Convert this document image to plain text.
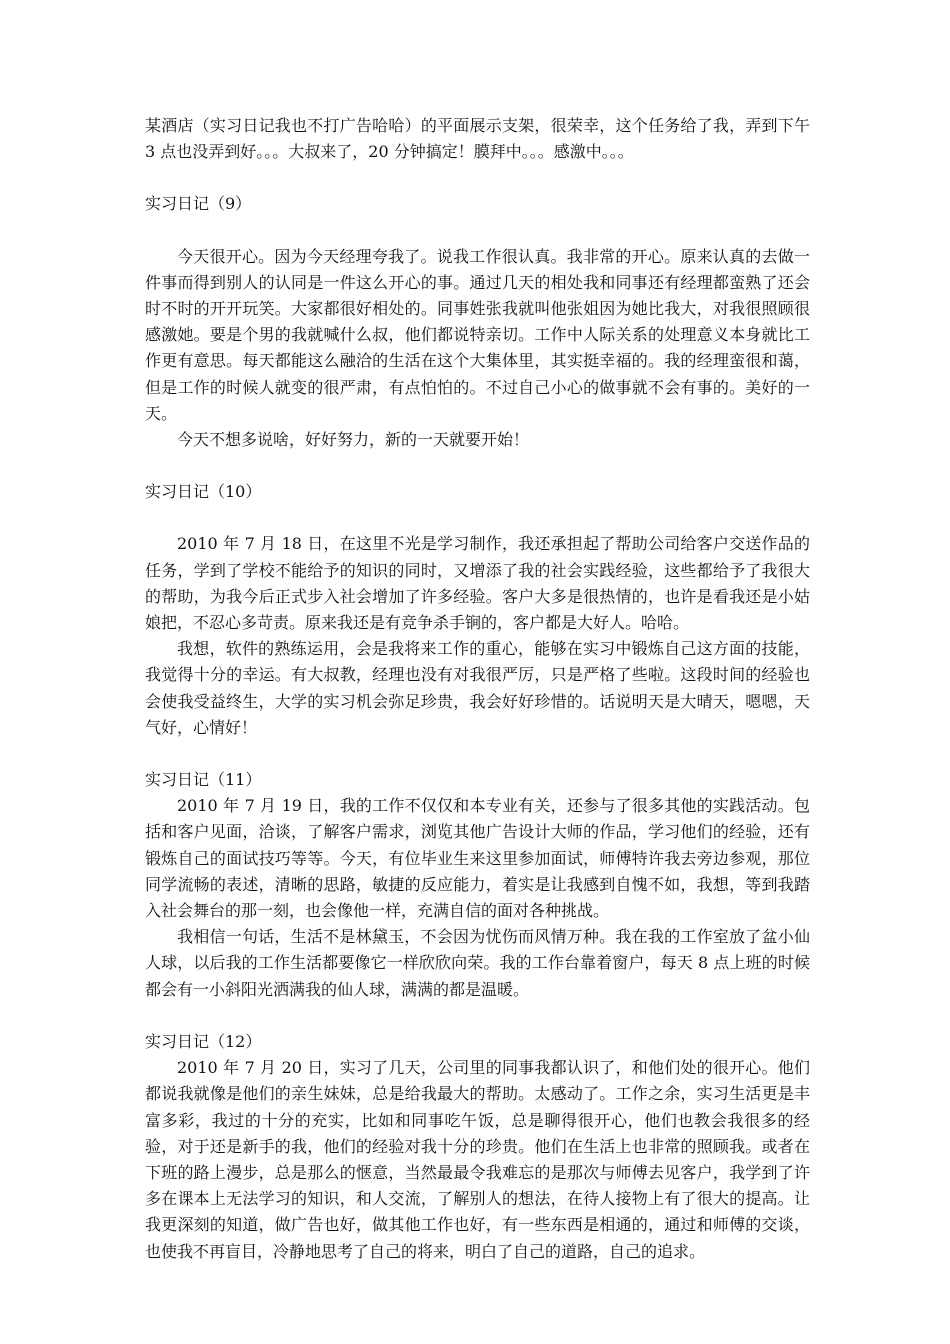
某酒店（实习日记我也不打广告哈哈）的平面展示支架，很荣幸，这个任务给了我，弄到下午 3 点也没弄到好。。。大叔来了，20 分钟搞定！膜拜中。。。感激中。。。

实习日记（9）

今天很开心。因为今天经理夸我了。说我工作很认真。我非常的开心。原来认真的去做一件事而得到别人的认同是一件这么开心的事。通过几天的相处我和同事还有经理都蛮熟了还会时不时的开开玩笑。大家都很好相处的。同事姓张我就叫他张姐因为她比我大，对我很照顾很感激她。要是个男的我就喊什么叔，他们都说特亲切。工作中人际关系的处理意义本身就比工作更有意思。每天都能这么融洽的生活在这个大集体里，其实挺幸福的。我的经理蛮很和蔼，但是工作的时候人就变的很严肃，有点怕怕的。不过自己小心的做事就不会有事的。美好的一天。

今天不想多说啥，好好努力，新的一天就要开始！

实习日记（10）

2010 年 7 月 18 日，在这里不光是学习制作，我还承担起了帮助公司给客户交送作品的任务，学到了学校不能给予的知识的同时，又增添了我的社会实践经验，这些都给予了我很大的帮助，为我今后正式步入社会增加了许多经验。客户大多是很热情的，也许是看我还是小姑娘把，不忍心多苛责。原来我还是有竞争杀手锏的，客户都是大好人。哈哈。

我想，软件的熟练运用，会是我将来工作的重心，能够在实习中锻炼自己这方面的技能，我觉得十分的幸运。有大叔教，经理也没有对我很严厉，只是严格了些啦。这段时间的经验也会使我受益终生，大学的实习机会弥足珍贵，我会好好珍惜的。话说明天是大晴天，嗯嗯，天气好，心情好！

实习日记（11）

2010 年 7 月 19 日，我的工作不仅仅和本专业有关，还参与了很多其他的实践活动。包括和客户见面，洽谈，了解客户需求，浏览其他广告设计大师的作品，学习他们的经验，还有锻炼自己的面试技巧等等。今天，有位毕业生来这里参加面试，师傅特许我去旁边参观，那位同学流畅的表述，清晰的思路，敏捷的反应能力，着实是让我感到自愧不如，我想，等到我踏入社会舞台的那一刻，也会像他一样，充满自信的面对各种挑战。

我相信一句话，生活不是林黛玉，不会因为忧伤而风情万种。我在我的工作室放了盆小仙人球，以后我的工作生活都要像它一样欣欣向荣。我的工作台靠着窗户，每天 8 点上班的时候都会有一小斜阳光洒满我的仙人球，满满的都是温暖。

实习日记（12）

2010 年 7 月 20 日，实习了几天，公司里的同事我都认识了，和他们处的很开心。他们都说我就像是他们的亲生妹妹，总是给我最大的帮助。太感动了。工作之余，实习生活更是丰富多彩，我过的十分的充实，比如和同事吃午饭，总是聊得很开心，他们也教会我很多的经验，对于还是新手的我，他们的经验对我十分的珍贵。他们在生活上也非常的照顾我。或者在下班的路上漫步，总是那么的惬意，当然最最令我难忘的是那次与师傅去见客户，我学到了许多在课本上无法学习的知识，和人交流，了解别人的想法，在待人接物上有了很大的提高。让我更深刻的知道，做广告也好，做其他工作也好，有一些东西是相通的，通过和师傅的交谈，也使我不再盲目，冷静地思考了自己的将来，明白了自己的道路，自己的追求。
